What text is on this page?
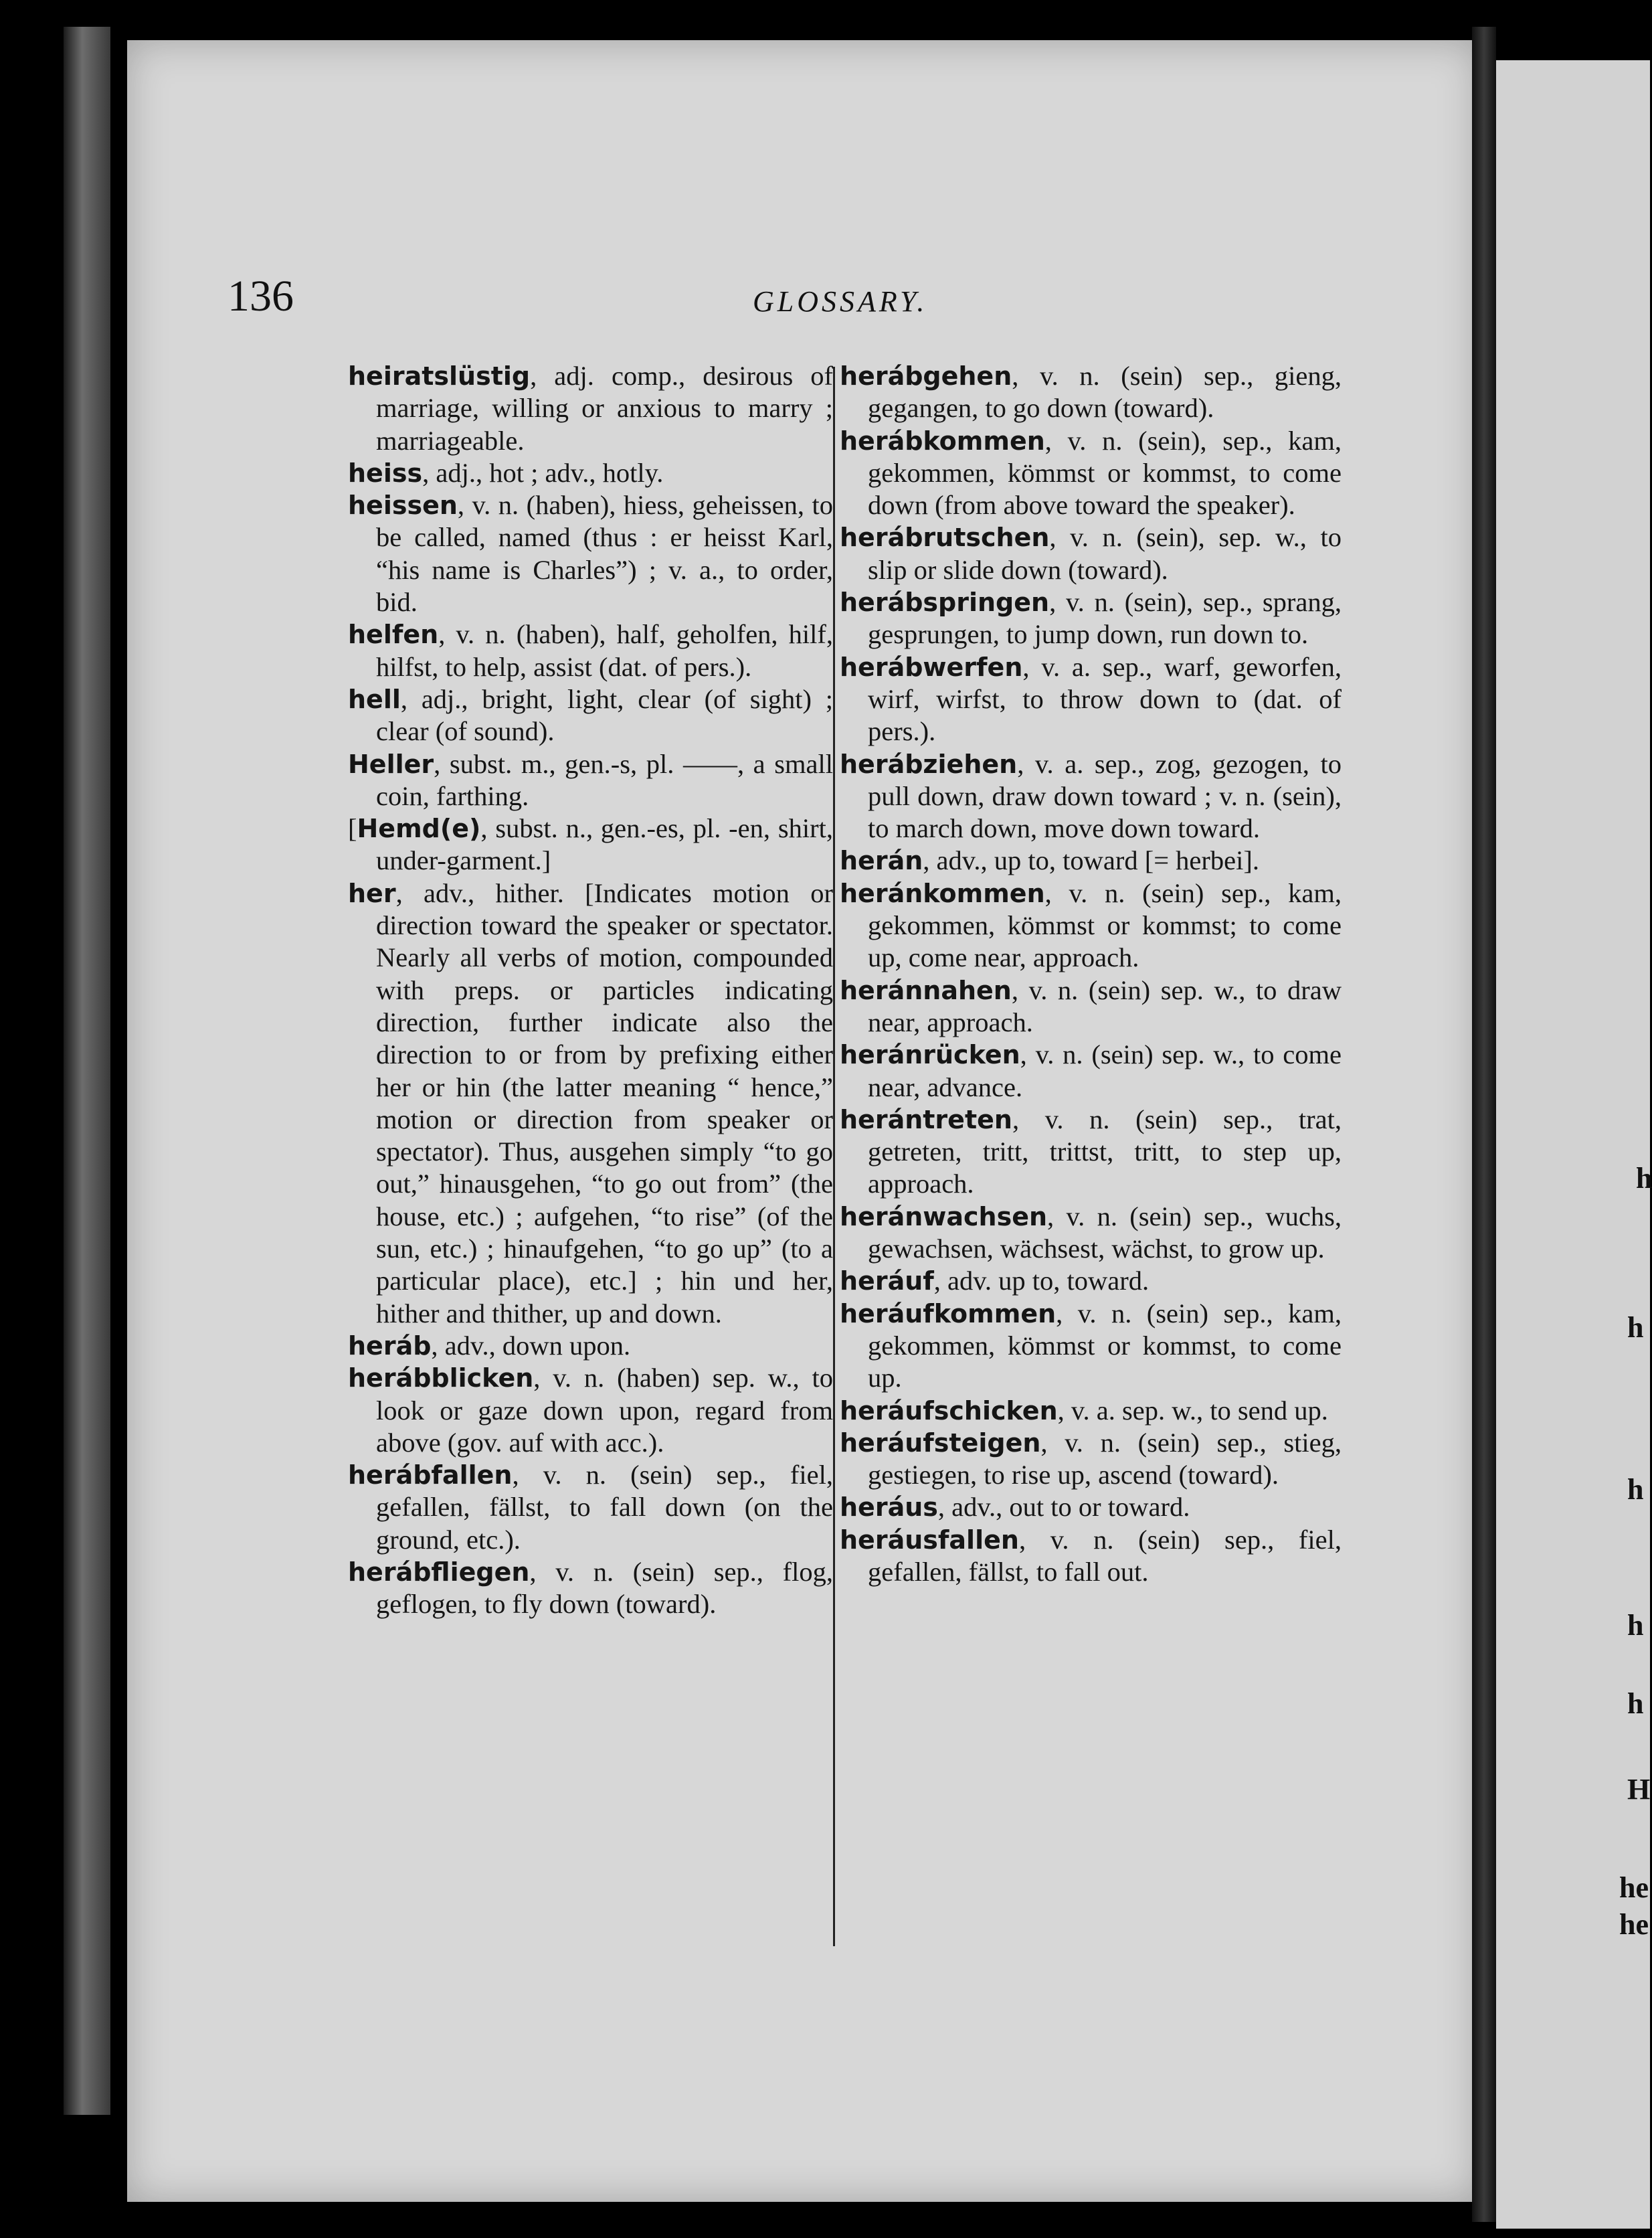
h
h
h
h
h
H
he
he
136	GLOSSARY.

heiratslüstig, adj. comp., desirous of marriage, willing or anxious to marry ; marriageable.

heiss, adj., hot ; adv., hotly.

heissen, v. n. (haben), hiess, geheissen, to be called, named (thus : er heisst Karl, “his name is Charles”) ; v. a., to order, bid.

helfen, v. n. (haben), half, geholfen, hilf, hilfst, to help, assist (dat. of pers.).

hell, adj., bright, light, clear (of sight) ; clear (of sound).

Heller, subst. m., gen.-s, pl. ——, a small coin, farthing.

[Hemd(e), subst. n., gen.-es, pl. -en, shirt, under-garment.]

her, adv., hither. [Indicates motion or direction toward the speaker or spectator. Nearly all verbs of motion, compounded with preps. or particles indicating direction, further indicate also the direction to or from by prefixing either her or hin (the latter meaning “ hence,” motion or direction from speaker or spectator). Thus, ausgehen simply “to go out,” hinausgehen, “to go out from” (the house, etc.) ; aufgehen, “to rise” (of the sun, etc.) ; hinaufgehen, “to go up” (to a particular place), etc.] ; hin und her, hither and thither, up and down.

heráb, adv., down upon.

herábblicken, v. n. (haben) sep. w., to look or gaze down upon, regard from above (gov. auf with acc.).

herábfallen, v. n. (sein) sep., fiel, gefallen, fällst, to fall down (on the ground, etc.).

herábfliegen, v. n. (sein) sep., flog, geflogen, to fly down (toward).

herábgehen, v. n. (sein) sep., gieng, gegangen, to go down (toward).

herábkommen, v. n. (sein), sep., kam, gekommen, kömmst or kommst, to come down (from above toward the speaker).

herábrutschen, v. n. (sein), sep. w., to slip or slide down (toward).

herábspringen, v. n. (sein), sep., sprang, gesprungen, to jump down, run down to.

herábwerfen, v. a. sep., warf, geworfen, wirf, wirfst, to throw down to (dat. of pers.).

herábziehen, v. a. sep., zog, gezogen, to pull down, draw down toward ; v. n. (sein), to march down, move down toward.

herán, adv., up to, toward [= herbei].

heránkommen, v. n. (sein) sep., kam, gekommen, kömmst or kommst; to come up, come near, approach.

heránnahen, v. n. (sein) sep. w., to draw near, approach.

heránrücken, v. n. (sein) sep. w., to come near, advance.

herántreten, v. n. (sein) sep., trat, getreten, tritt, trittst, tritt, to step up, approach.

heránwachsen, v. n. (sein) sep., wuchs, gewachsen, wächsest, wächst, to grow up.

heráuf, adv. up to, toward.

heráufkommen, v. n. (sein) sep., kam, gekommen, kömmst or kommst, to come up.

heráufschicken, v. a. sep. w., to send up.

heráufsteigen, v. n. (sein) sep., stieg, gestiegen, to rise up, ascend (toward).

heráus, adv., out to or toward.

heráusfallen, v. n. (sein) sep., fiel, gefallen, fällst, to fall out.
